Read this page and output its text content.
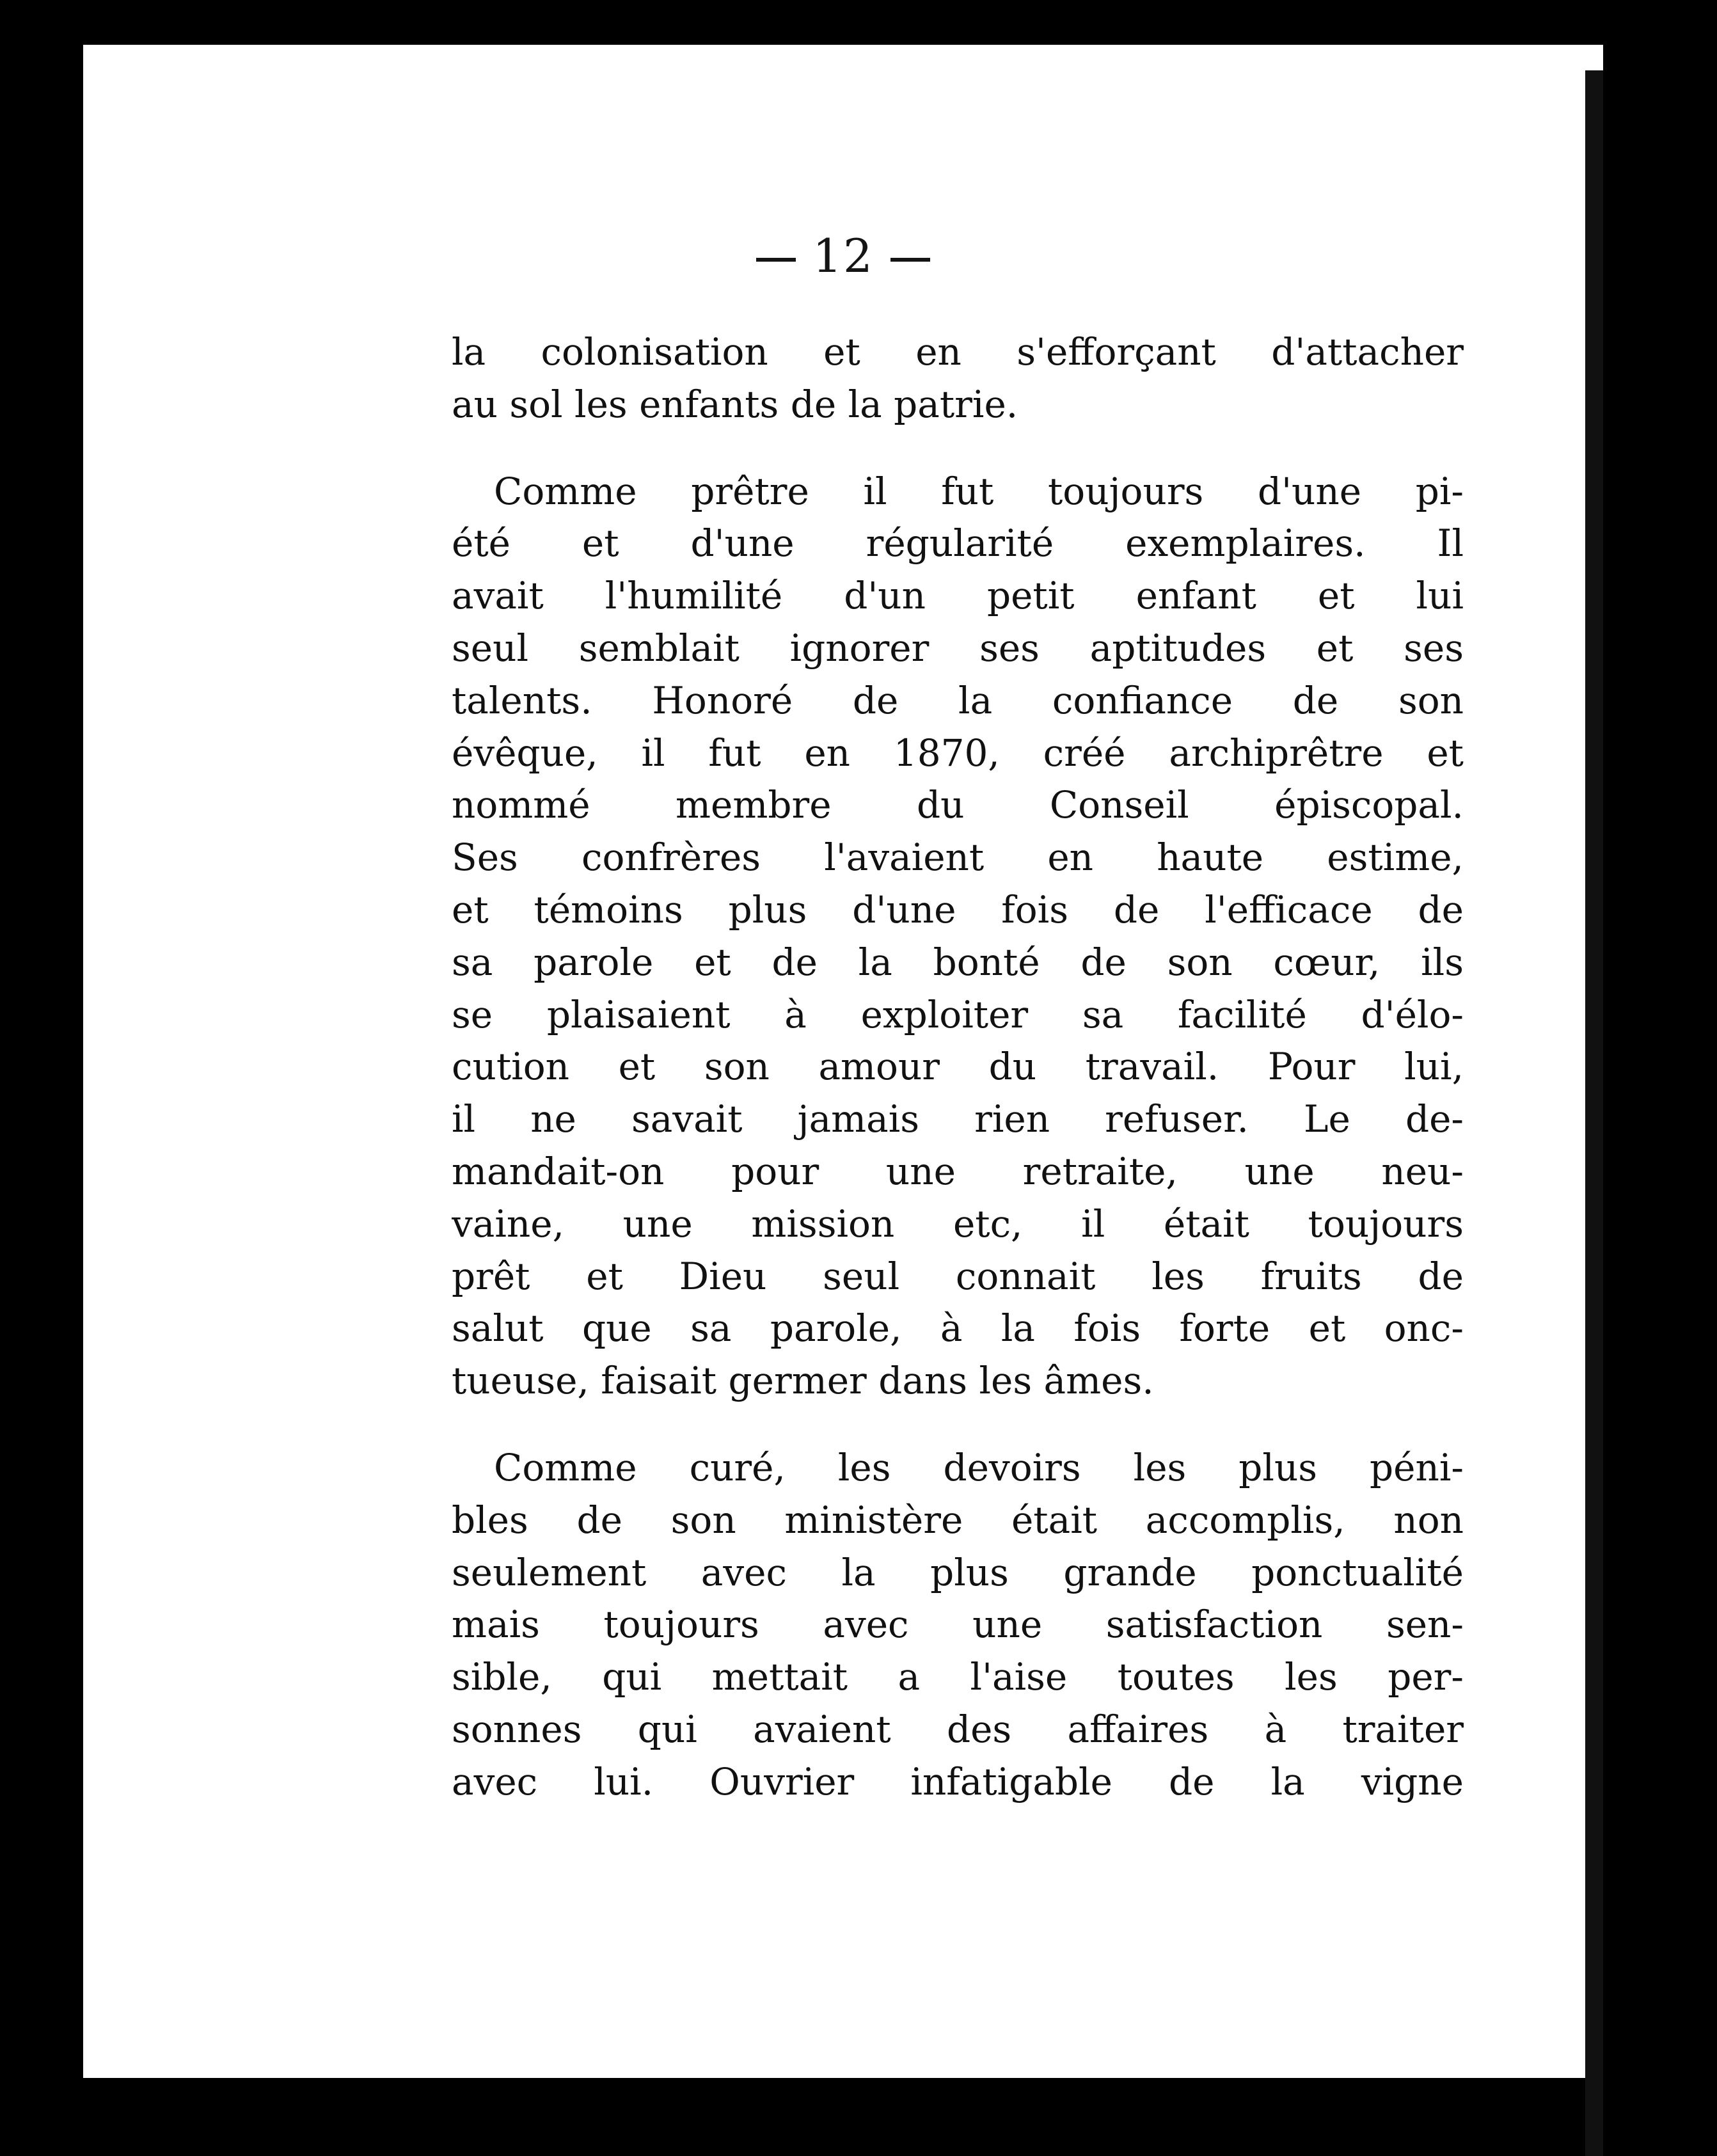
12
la colonisation et en s'efforçant d'attacher
au sol les enfants de la patrie.
Comme prêtre il fut toujours d'une pi-
été et d'une régularité exemplaires. Il
avait l'humilité d'un petit enfant et lui
seul semblait ignorer ses aptitudes et ses
talents. Honoré de la confiance de son
évêque, il fut en 1870, créé archiprêtre et
nommé membre du Conseil épiscopal.
Ses confrères l'avaient en haute estime,
et témoins plus d'une fois de l'efficace de
sa parole et de la bonté de son cœur, ils
se plaisaient à exploiter sa facilité d'élo-
cution et son amour du travail. Pour lui,
il ne savait jamais rien refuser. Le de-
mandait-on pour une retraite, une neu-
vaine, une mission etc, il était toujours
prêt et Dieu seul connait les fruits de
salut que sa parole, à la fois forte et onc-
tueuse, faisait germer dans les âmes.
Comme curé, les devoirs les plus péni-
bles de son ministère était accomplis, non
seulement avec la plus grande ponctualité
mais toujours avec une satisfaction sen-
sible, qui mettait a l'aise toutes les per-
sonnes qui avaient des affaires à traiter
avec lui. Ouvrier infatigable de la vigne
